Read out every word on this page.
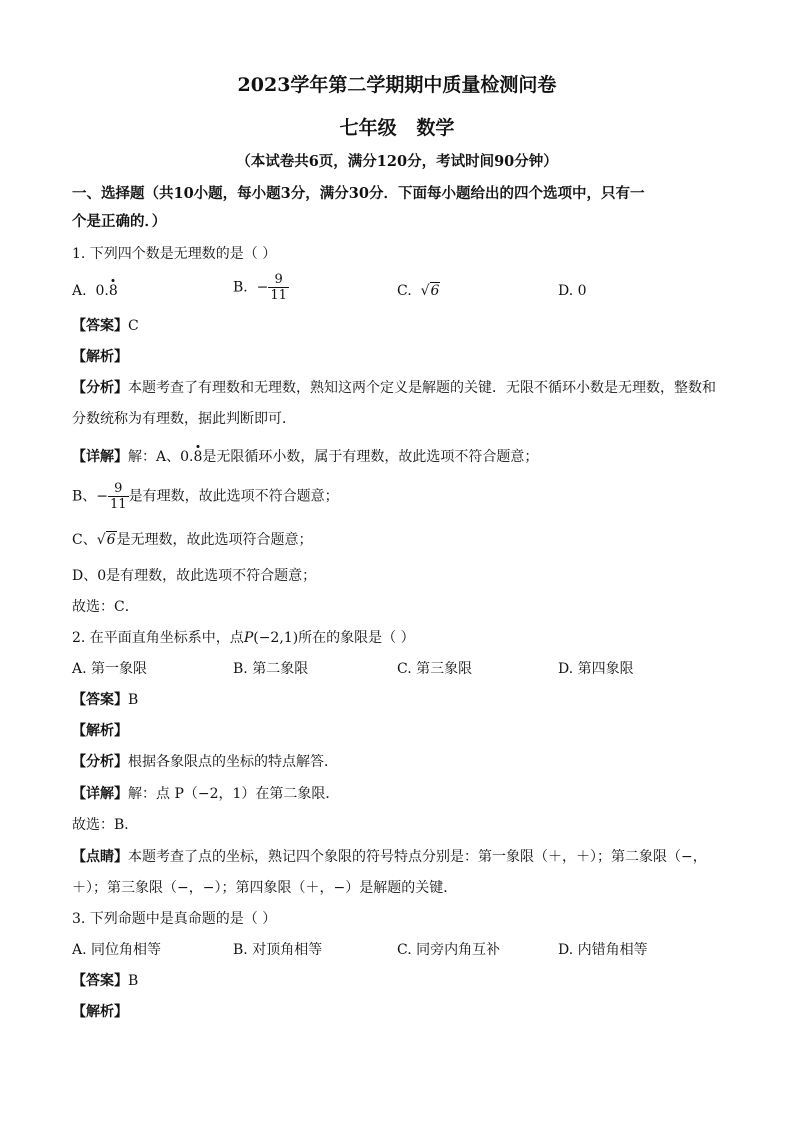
2023学年第二学期期中质量检测问卷
七年级   数学
（本试卷共6页，满分120分，考试时间90分钟）
一、选择题（共10小题，每小题3分，满分30分．下面每小题给出的四个选项中，只有一
个是正确的．）
1. 下列四个数是无理数的是（ ）
A. 0.8	B. − $\frac{9}{11}$	C. √6	D. 0
【答案】C
【解析】
【分析】本题考查了有理数和无理数，熟知这两个定义是解题的关键．无限不循环小数是无理数，整数和
分数统称为有理数，据此判断即可．
【详解】解：A、0.8是无限循环小数，属于有理数，故此选项不符合题意；
B、− $\frac{9}{11}$ 是有理数，故此选项不符合题意；
C、√6是无理数，故此选项符合题意；
D、0是有理数，故此选项不符合题意；
故选：C．
2. 在平面直角坐标系中，点P(−2,1)所在的象限是（ ）
A. 第一象限	B. 第二象限	C. 第三象限	D. 第四象限
【答案】B
【解析】
【分析】根据各象限点的坐标的特点解答．
【详解】解：点 P（−2，1）在第二象限．
故选：B．
【点睛】本题考查了点的坐标，熟记四个象限的符号特点分别是：第一象限（＋，＋）；第二象限（−，
＋）；第三象限（−，−）；第四象限（＋，−）是解题的关键．
3. 下列命题中是真命题的是（ ）
A. 同位角相等	B. 对顶角相等	C. 同旁内角互补	D. 内错角相等
【答案】B
【解析】
